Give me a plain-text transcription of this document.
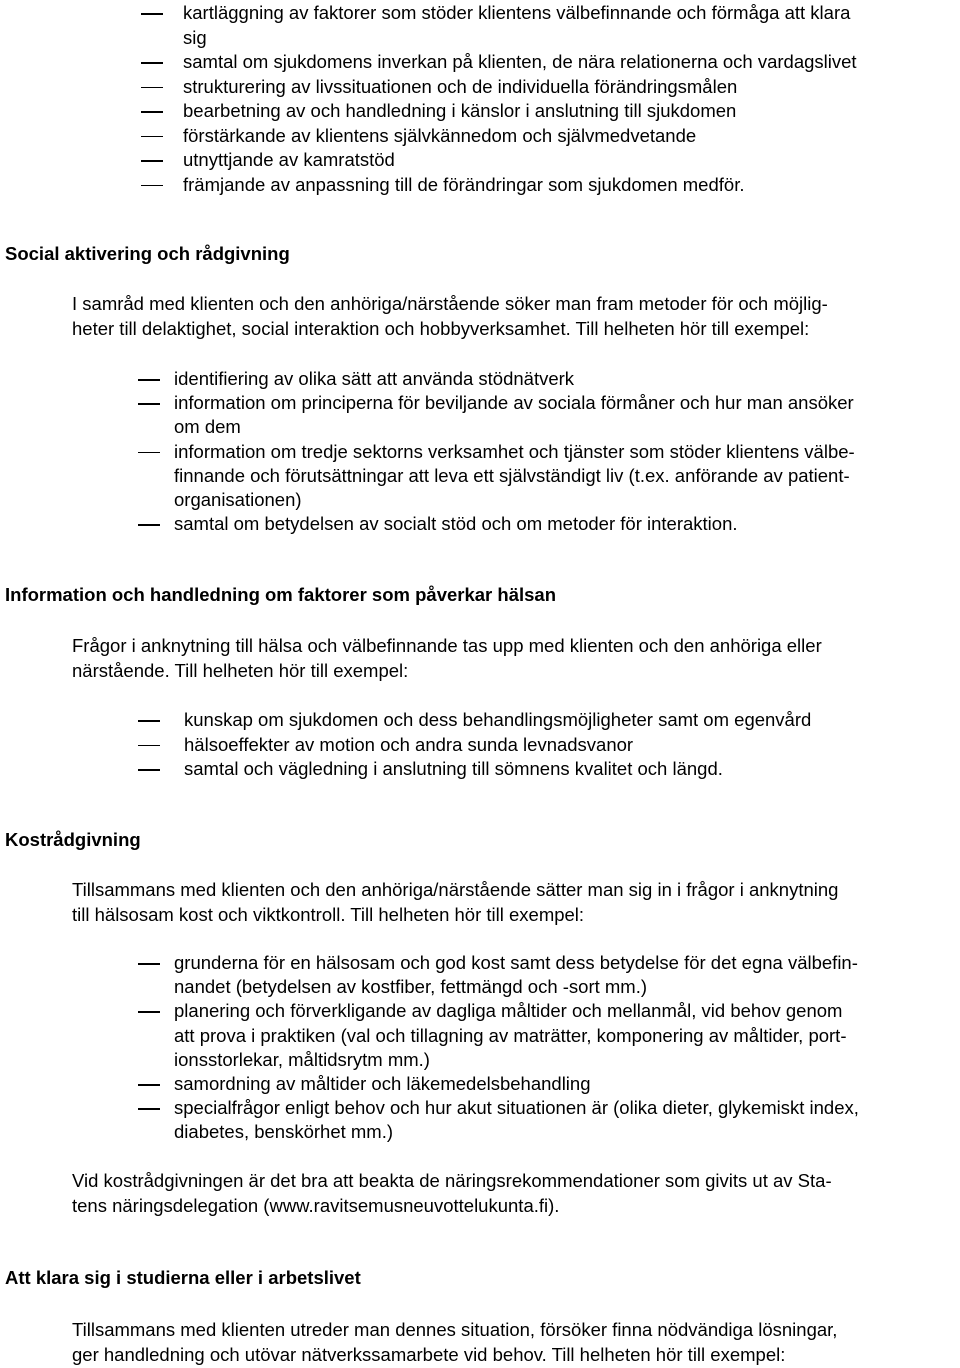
kartläggning av faktorer som stöder klientens välbefinnande och förmåga att klara
sig
samtal om sjukdomens inverkan på klienten, de nära relationerna och vardagslivet
strukturering av livssituationen och de individuella förändringsmålen
bearbetning av och handledning i känslor i anslutning till sjukdomen
förstärkande av klientens självkännedom och självmedvetande
utnyttjande av kamratstöd
främjande av anpassning till de förändringar som sjukdomen medför.
Social aktivering och rådgivning

I samråd med klienten och den anhöriga/närstående söker man fram metoder för och möjlig-
heter till delaktighet, social interaktion och hobbyverksamhet. Till helheten hör till exempel:

identifiering av olika sätt att använda stödnätverk
information om principerna för beviljande av sociala förmåner och hur man ansöker
om dem
information om tredje sektorns verksamhet och tjänster som stöder klientens välbe-
finnande och förutsättningar att leva ett självständigt liv (t.ex. anförande av patient-
organisationen)
samtal om betydelsen av socialt stöd och om metoder för interaktion.
Information och handledning om faktorer som påverkar hälsan

Frågor i anknytning till hälsa och välbefinnande tas upp med klienten och den anhöriga eller
närstående. Till helheten hör till exempel:

kunskap om sjukdomen och dess behandlingsmöjligheter samt om egenvård
hälsoeffekter av motion och andra sunda levnadsvanor
samtal och vägledning i anslutning till sömnens kvalitet och längd.
Kostrådgivning

Tillsammans med klienten och den anhöriga/närstående sätter man sig in i frågor i anknytning
till hälsosam kost och viktkontroll. Till helheten hör till exempel:

grunderna för en hälsosam och god kost samt dess betydelse för det egna välbefin-
nandet (betydelsen av kostfiber, fettmängd och -sort mm.)
planering och förverkligande av dagliga måltider och mellanmål, vid behov genom
att prova i praktiken (val och tillagning av maträtter, komponering av måltider, port-
ionsstorlekar, måltidsrytm mm.)
samordning av måltider och läkemedelsbehandling
specialfrågor enligt behov och hur akut situationen är (olika dieter, glykemiskt index,
diabetes, benskörhet mm.)

Vid kostrådgivningen är det bra att beakta de näringsrekommendationer som givits ut av Sta-
tens näringsdelegation (www.ravitsemusneuvottelukunta.fi).

Att klara sig i studierna eller i arbetslivet

Tillsammans med klienten utreder man dennes situation, försöker finna nödvändiga lösningar,
ger handledning och utövar nätverkssamarbete vid behov. Till helheten hör till exempel:
